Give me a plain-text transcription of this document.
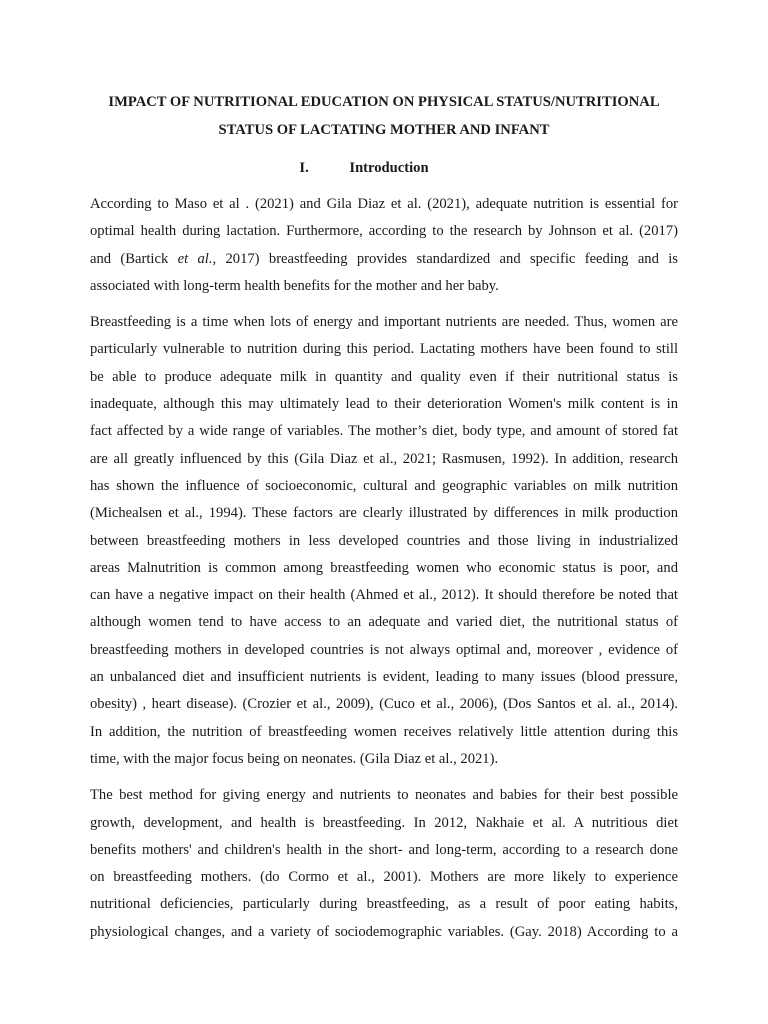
IMPACT OF NUTRITIONAL EDUCATION ON PHYSICAL STATUS/NUTRITIONAL

STATUS OF LACTATING MOTHER AND INFANT

I.	Introduction

According to Maso et al . (2021) and Gila Diaz et al. (2021), adequate nutrition is essential for
optimal health during lactation. Furthermore, according to the research by Johnson et al. (2017)
and (Bartick et al., 2017) breastfeeding provides standardized and specific feeding and is
associated with long-term health benefits for the mother and her baby.

Breastfeeding is a time when lots of energy and important nutrients are needed. Thus, women are
particularly vulnerable to nutrition during this period. Lactating mothers have been found to still
be able to produce adequate milk in quantity and quality even if their nutritional status is
inadequate, although this may ultimately lead to their deterioration Women's milk content is in
fact affected by a wide range of variables. The mother’s diet, body type, and amount of stored fat
are all greatly influenced by this (Gila Diaz et al., 2021; Rasmusen, 1992). In addition, research
has shown the influence of socioeconomic, cultural and geographic variables on milk nutrition
(Michealsen et al., 1994). These factors are clearly illustrated by differences in milk production
between breastfeeding mothers in less developed countries and those living in industrialized
areas Malnutrition is common among breastfeeding women who economic status is poor, and
can have a negative impact on their health (Ahmed et al., 2012). It should therefore be noted that
although women tend to have access to an adequate and varied diet, the nutritional status of
breastfeeding mothers in developed countries is not always optimal and, moreover , evidence of
an unbalanced diet and insufficient nutrients is evident, leading to many issues (blood pressure,
obesity) , heart disease). (Crozier et al., 2009), (Cuco et al., 2006), (Dos Santos et al. al., 2014).
In addition, the nutrition of breastfeeding women receives relatively little attention during this
time, with the major focus being on neonates. (Gila Diaz et al., 2021).

The best method for giving energy and nutrients to neonates and babies for their best possible
growth, development, and health is breastfeeding. In 2012, Nakhaie et al. A nutritious diet
benefits mothers' and children's health in the short- and long-term, according to a research done
on breastfeeding mothers. (do Cormo et al., 2001). Mothers are more likely to experience
nutritional deficiencies, particularly during breastfeeding, as a result of poor eating habits,
physiological changes, and a variety of sociodemographic variables. (Gay. 2018) According to a
